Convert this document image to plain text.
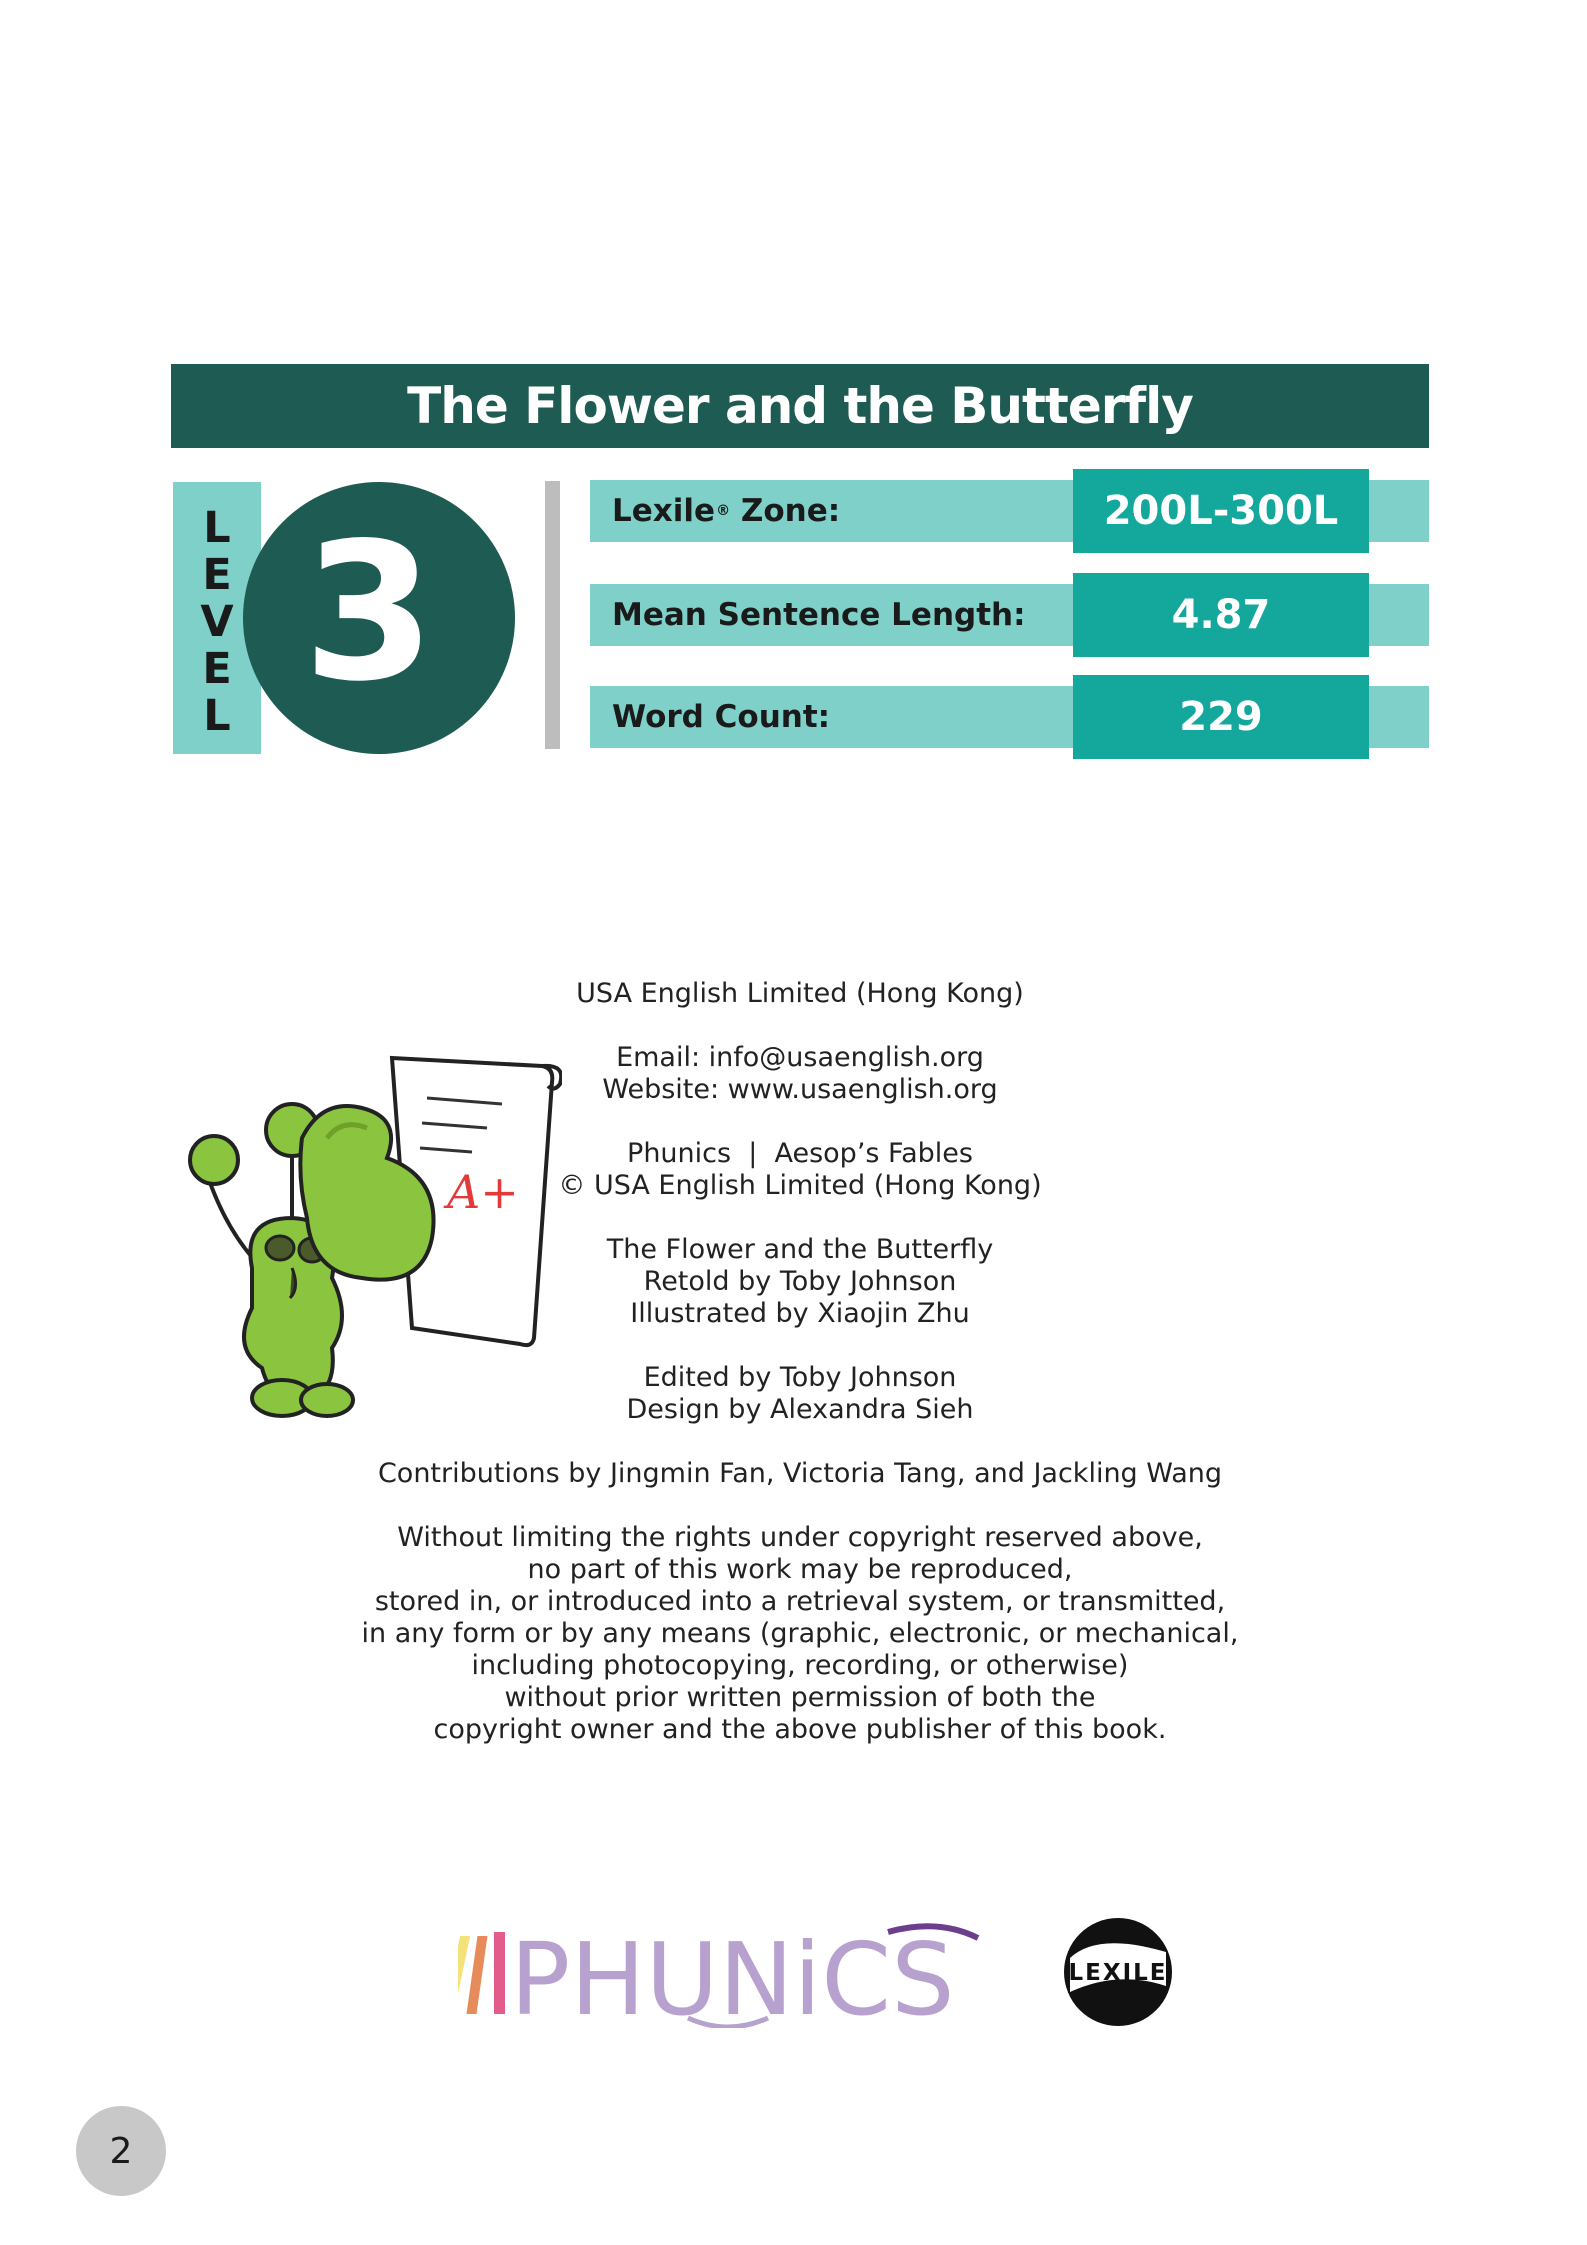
The Flower and the Butterfly
L
E
V
E
L 3	Lexile ® Zone:	200L-300L
Mean Sentence Length:	4.87
Word Count:	229

USA English Limited (Hong Kong)

Email: info@usaenglish.org

Website: www.usaenglish.org

Phunics  |  Aesop’s Fables

© USA English Limited (Hong Kong)

The Flower and the Butterfly

Retold by Toby Johnson

Illustrated by Xiaojin Zhu

Edited by Toby Johnson

Design by Alexandra Sieh

Contributions by Jingmin Fan, Victoria Tang, and Jackling Wang

Without limiting the rights under copyright reserved above,

no part of this work may be reproduced,

stored in, or introduced into a retrieval system, or transmitted,

in any form or by any means (graphic, electronic, or mechanical,

including photocopying, recording, or otherwise)

without prior written permission of both the

copyright owner and the above publisher of this book.

A+
PHUNiCS	LEXILE
2
